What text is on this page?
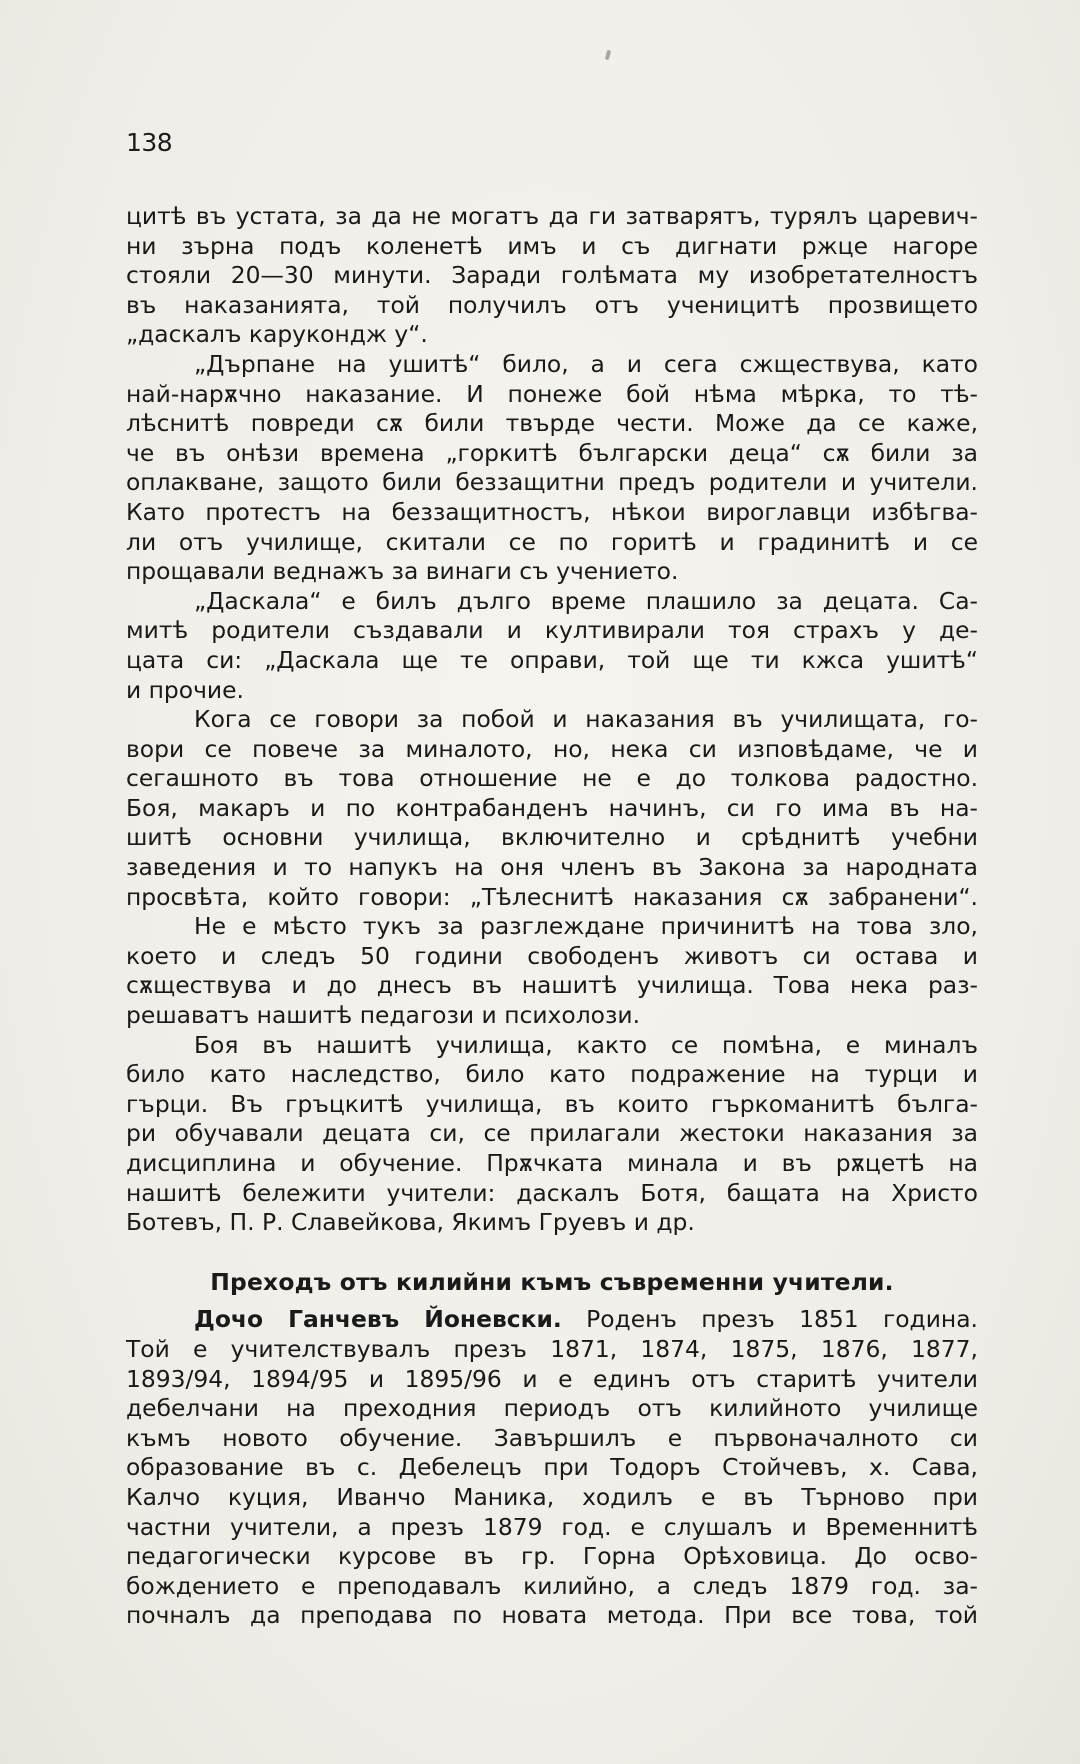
138
цитѣ въ устата, за да не могатъ да ги затварятъ, турялъ царевич-
ни зърна подъ коленетѣ имъ и съ дигнати ржце нагоре
стояли 20—30 минути. Заради голѣмата му изобретателностъ
въ наказанията, той получилъ отъ ученицитѣ прозвището
„даскалъ карукондж у“.
„Дърпане на ушитѣ“ било, а и сега сжществува, като
най-нарѫчно наказание. И понеже бой нѣма мѣрка, то тѣ-
лѣснитѣ повреди сѫ били твърде чести. Може да се каже,
че въ онѣзи времена „горкитѣ български деца“ сѫ били за
оплакване, защото били беззащитни предъ родители и учители.
Като протестъ на беззащитностъ, нѣкои вироглавци избѣгва-
ли отъ училище, скитали се по горитѣ и градинитѣ и се
прощавали веднажъ за винаги съ учението.
„Даскала“ е билъ дълго време плашило за децата. Са-
митѣ родители създавали и култивирали тоя страхъ у де-
цата си: „Даскала ще те оправи, той ще ти кжса ушитѣ“
и прочие.
Кога се говори за побой и наказания въ училищата, го-
вори се повече за миналото, но, нека си изповѣдаме, че и
сегашното въ това отношение не е до толкова радостно.
Боя, макаръ и по контрабанденъ начинъ, си го има въ на-
шитѣ основни училища, включително и срѣднитѣ учебни
заведения и то напукъ на оня членъ въ Закона за народната
просвѣта, който говори: „Тѣлеснитѣ наказания сѫ забранени“.
Не е мѣсто тукъ за разглеждане причинитѣ на това зло,
което и следъ 50 години свободенъ животъ си остава и
сѫществува и до днесъ въ нашитѣ училища. Това нека раз-
решаватъ нашитѣ педагози и психолози.
Боя въ нашитѣ училища, както се помѣна, е миналъ
било като наследство, било като подражение на турци и
гърци. Въ гръцкитѣ училища, въ които гъркоманитѣ бълга-
ри обучавали децата си, се прилагали жестоки наказания за
дисциплина и обучение. Прѫчката минала и въ рѫцетѣ на
нашитѣ бележити учители: даскалъ Ботя, бащата на Христо
Ботевъ, П. Р. Славейкова, Якимъ Груевъ и др.
Преходъ отъ килийни къмъ съвременни учители.
Дочо Ганчевъ Йоневски. Роденъ презъ 1851 година.
Той е учителствувалъ презъ 1871, 1874, 1875, 1876, 1877,
1893/94, 1894/95 и 1895/96 и е единъ отъ старитѣ учители
дебелчани на преходния периодъ отъ килийното училище
къмъ новото обучение. Завършилъ е първоначалното си
образование въ с. Дебелецъ при Тодоръ Стойчевъ, х. Сава,
Калчо куция, Иванчо Маника, ходилъ е въ Търново при
частни учители, а презъ 1879 год. е слушалъ и Временнитѣ
педагогически курсове въ гр. Горна Орѣховица. До осво-
бождението е преподавалъ килийно, а следъ 1879 год. за-
почналъ да преподава по новата метода. При все това, той
